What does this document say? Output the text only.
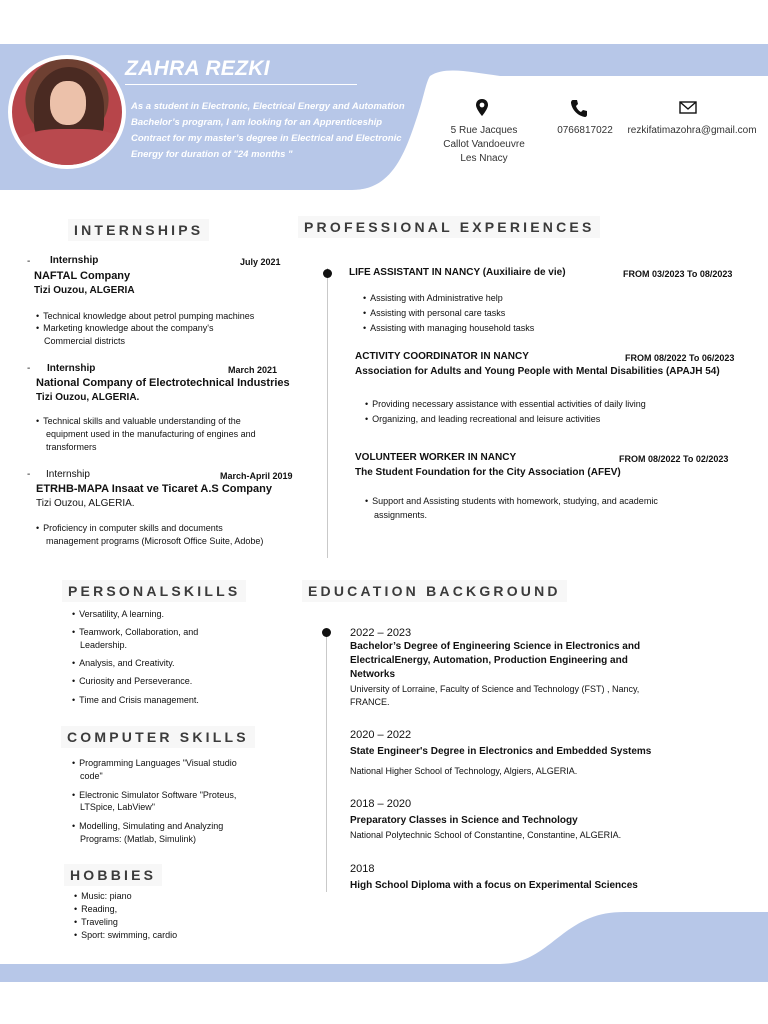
ZAHRA REZKI
As a student in Electronic, Electrical Energy and Automation Bachelor’s program, I am looking for an Apprenticeship Contract for my master’s degree in Electrical and Electronic Energy for duration of "24 months "
5 Rue Jacques
Callot Vandoeuvre
Les Nnacy
0766817022	rezkifatimazohra@gmail.com
INTERNSHIPS
- Internship	July 2021
NAFTAL Company
Tizi Ouzou, ALGERIA
• Technical knowledge about petrol pumping machines
• Marketing knowledge about the company's
Commercial districts
- Internship	March 2021
National Company of Electrotechnical Industries
Tizi Ouzou, ALGERIA.
• Technical skills and valuable understanding of the
equipment used in the manufacturing of engines and
transformers
- Internship	March-April 2019
ETRHB-MAPA Insaat ve Ticaret A.S Company
Tizi Ouzou, ALGERIA.
• Proficiency in computer skills and documents
management programs (Microsoft Office Suite, Adobe)
PROFESSIONAL EXPERIENCES
LIFE ASSISTANT IN NANCY (Auxiliaire de vie)	FROM 03/2023 To 08/2023
• Assisting with Administrative help
• Assisting with personal care tasks
• Assisting with managing household tasks
ACTIVITY COORDINATOR IN NANCY	FROM 08/2022 To 06/2023
Association for Adults and Young People with Mental Disabilities (APAJH 54)
• Providing necessary assistance with essential activities of daily living
• Organizing, and leading recreational and leisure activities
VOLUNTEER WORKER IN NANCY	FROM 08/2022 To 02/2023
The Student Foundation for the City Association (AFEV)
• Support and Assisting students with homework, studying, and academic
assignments.
PERSONALSKILLS
• Versatility, A learning.
• Teamwork, Collaboration, and
Leadership.
• Analysis, and Creativity.
• Curiosity and Perseverance.
• Time and Crisis management.
COMPUTER SKILLS
• Programming Languages "Visual studio
code"
• Electronic Simulator Software "Proteus,
LTSpice, LabView"
• Modelling, Simulating and Analyzing
Programs: (Matlab, Simulink)
HOBBIES
• Music: piano
• Reading,
• Traveling
• Sport: swimming, cardio
EDUCATION BACKGROUND
2022 – 2023
Bachelor’s Degree of Engineering Science in Electronics and
ElectricalEnergy, Automation, Production Engineering and
Networks
University of Lorraine, Faculty of Science and Technology (FST) , Nancy,
FRANCE.
2020 – 2022
State Engineer's Degree in Electronics and Embedded Systems
National Higher School of Technology, Algiers, ALGERIA.
2018 – 2020
Preparatory Classes in Science and Technology
National Polytechnic School of Constantine, Constantine, ALGERIA.
2018
High School Diploma with a focus on Experimental Sciences
